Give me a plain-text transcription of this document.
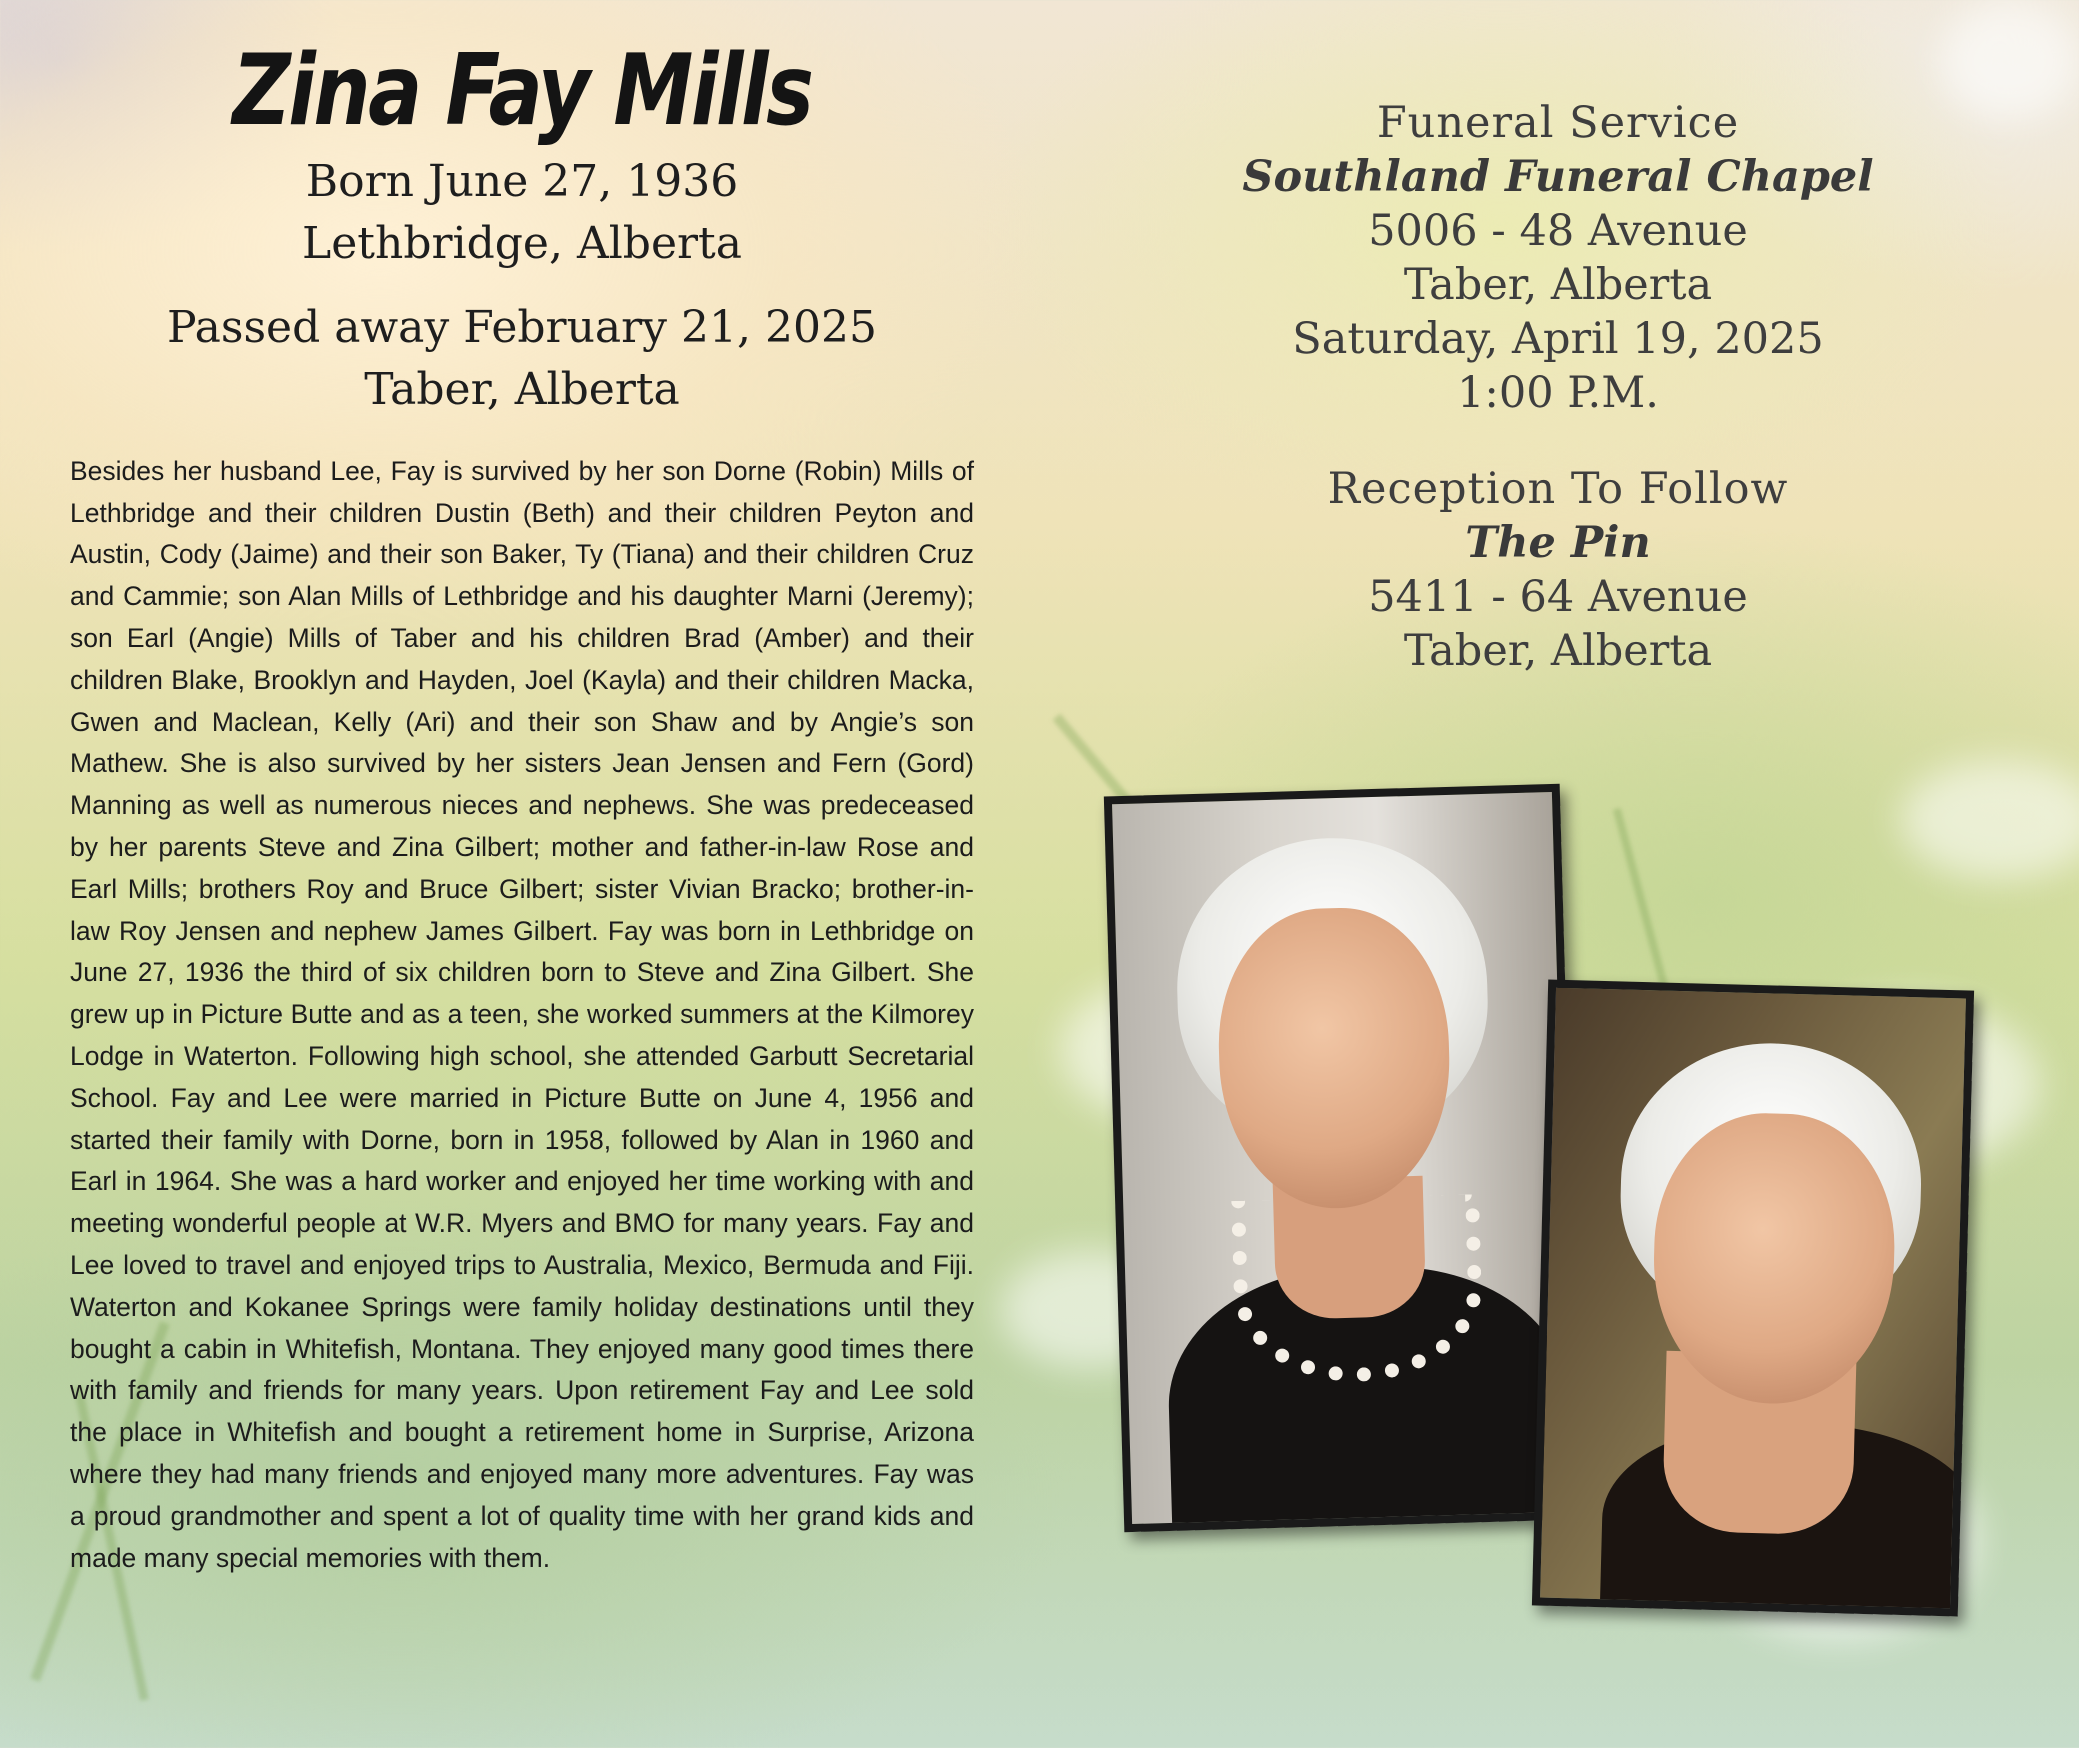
Zina Fay Mills
Born June 27, 1936
Lethbridge, Alberta
Passed away February 21, 2025
Taber, Alberta
Besides her husband Lee, Fay is survived by her son Dorne (Robin) Mills of Lethbridge and their children Dustin (Beth) and their children Peyton and Austin, Cody (Jaime) and their son Baker, Ty (Tiana) and their children Cruz and Cammie; son Alan Mills of Lethbridge and his daughter Marni (Jeremy); son Earl (Angie) Mills of Taber and his children Brad (Amber) and their children Blake, Brooklyn and Hayden, Joel (Kayla) and their children Macka, Gwen and Maclean, Kelly (Ari) and their son Shaw and by Angie’s son Mathew. She is also survived by her sisters Jean Jensen and Fern (Gord) Manning as well as numerous nieces and nephews. She was predeceased by her parents Steve and Zina Gilbert; mother and father-in-law Rose and Earl Mills; brothers Roy and Bruce Gilbert; sister Vivian Bracko; brother-in-law Roy Jensen and nephew James Gilbert. Fay was born in Lethbridge on June 27, 1936 the third of six children born to Steve and Zina Gilbert. She grew up in Picture Butte and as a teen, she worked summers at the Kilmorey Lodge in Waterton. Following high school, she attended Garbutt Secretarial School. Fay and Lee were married in Picture Butte on June 4, 1956 and started their family with Dorne, born in 1958, followed by Alan in 1960 and Earl in 1964. She was a hard worker and enjoyed her time working with and meeting wonderful people at W.R. Myers and BMO for many years. Fay and Lee loved to travel and enjoyed trips to Australia, Mexico, Bermuda and Fiji. Waterton and Kokanee Springs were family holiday destinations until they bought a cabin in Whitefish, Montana. They enjoyed many good times there with family and friends for many years. Upon retirement Fay and Lee sold the place in Whitefish and bought a retirement home in Surprise, Arizona where they had many friends and enjoyed many more adventures. Fay was a proud grandmother and spent a lot of quality time with her grand kids and made many special memories with them.
Funeral Service
Southland Funeral Chapel
5006 - 48 Avenue
Taber, Alberta
Saturday, April 19, 2025
1:00 P.M.
Reception To Follow
The Pin
5411 - 64 Avenue
Taber, Alberta
